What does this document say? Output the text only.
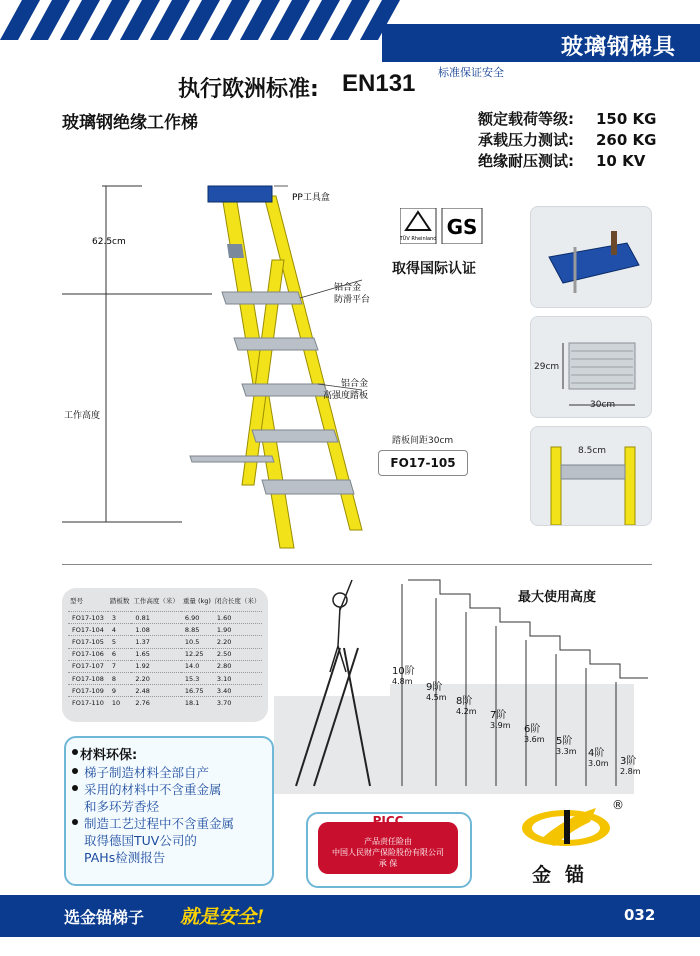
玻璃钢梯具
执行欧洲标准: EN131 标准保证安全
玻璃钢绝缘工作梯	额定载荷等级: 150 KG
承载压力测试: 260 KG
绝缘耐压测试: 10 KV
62.5cm
工作高度
PP工具盒
铝合金
防滑平台
铝合金
高强度踏板
踏板间距30cm
FO17-105
TÜV Rheinland GS
取得国际认证
29cm
30cm
8.5cm
型号	踏板数	工作高度（米）	重量 (kg)	闭合长度（米）
FO17-103	3	0.81	6.90	1.60
FO17-104	4	1.08	8.85	1.90
FO17-105	5	1.37	10.5	2.20
FO17-106	6	1.65	12.25	2.50
FO17-107	7	1.92	14.0	2.80
FO17-108	8	2.20	15.3	3.10
FO17-109	9	2.48	16.75	3.40
FO17-110	10	2.76	18.1	3.70
最大使用高度
10阶
4.8m
9阶
4.5m 8阶
4.2m 7阶
3.9m 6阶
3.6m 5阶
3.3m 4阶
3.0m 3阶
2.8m
材料环保:
梯子制造材料全部自产
采用的材料中不含重金属
和多环芳香烃
制造工艺过程中不含重金属
取得德国TUV公司的
PAHs检测报告
产品责任险由
中国人民财产保险股份有限公司
承 保
PICC
®
金锚
选金锚梯子 就是安全!	032
